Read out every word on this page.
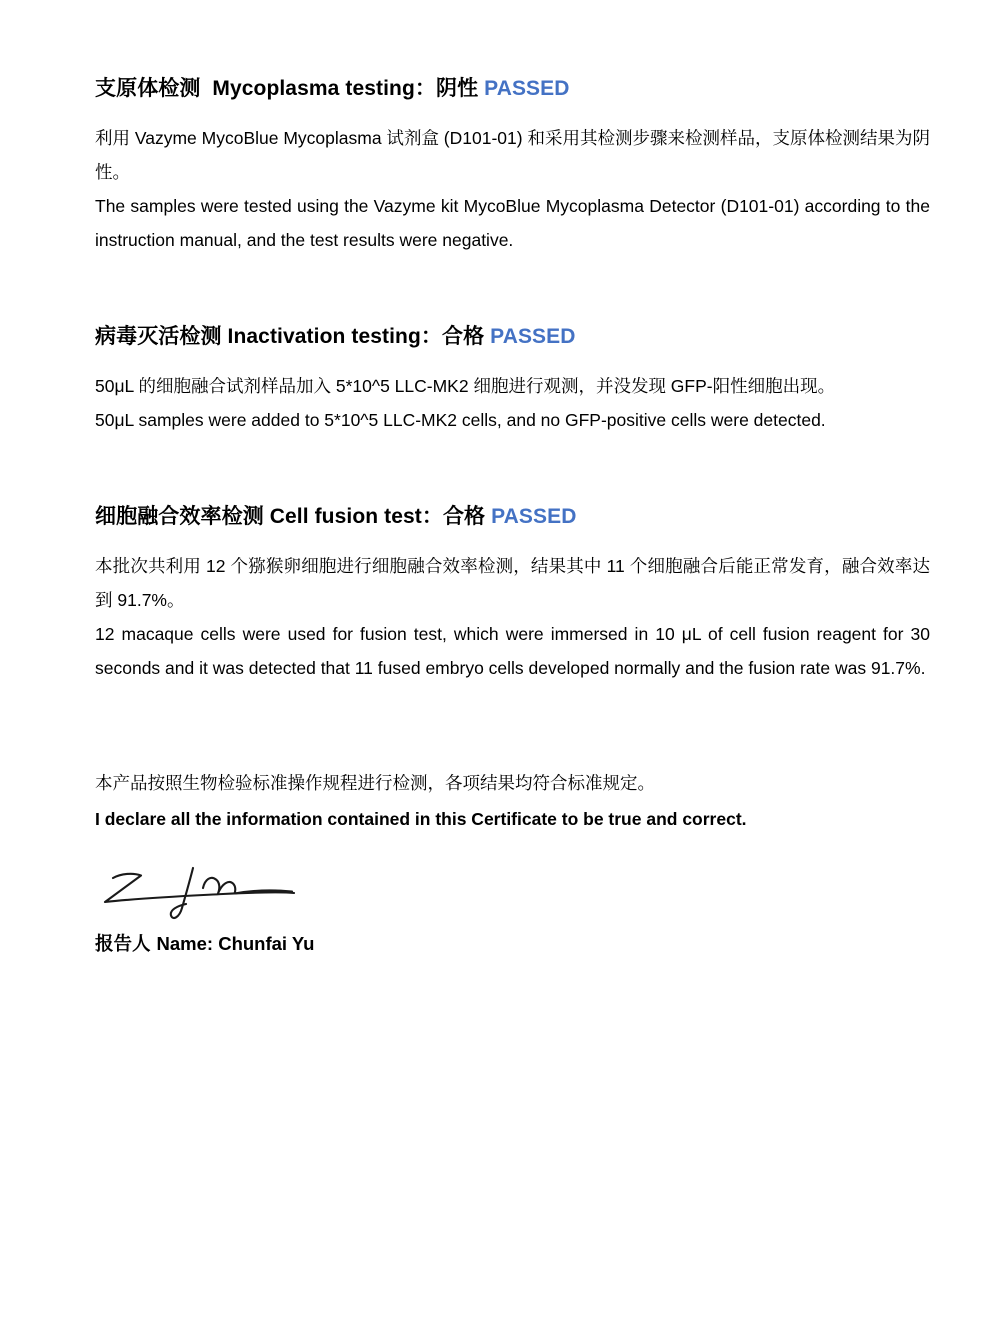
支原体检测  Mycoplasma testing：阴性 PASSED

利用 Vazyme MycoBlue Mycoplasma 试剂盒 (D101-01) 和采用其检测步骤来检测样品，支原体检测结果为阴性。

The samples were tested using the Vazyme kit MycoBlue Mycoplasma Detector (D101-01) according to the instruction manual, and the test results were negative.

病毒灭活检测 Inactivation testing：合格 PASSED

50μL 的细胞融合试剂样品加入 5*10^5 LLC-MK2 细胞进行观测，并没发现 GFP-阳性细胞出现。

50μL samples were added to 5*10^5 LLC-MK2 cells, and no GFP-positive cells were detected.

细胞融合效率检测 Cell fusion test：合格 PASSED

本批次共利用 12 个猕猴卵细胞进行细胞融合效率检测，结果其中 11 个细胞融合后能正常发育，融合效率达到 91.7%。

12 macaque cells were used for fusion test, which were immersed in 10 μL of cell fusion reagent for 30 seconds and it was detected that 11 fused embryo cells developed normally and the fusion rate was 91.7%.

本产品按照生物检验标准操作规程进行检测，各项结果均符合标准规定。

I declare all the information contained in this Certificate to be true and correct.

报告人 Name: Chunfai Yu
